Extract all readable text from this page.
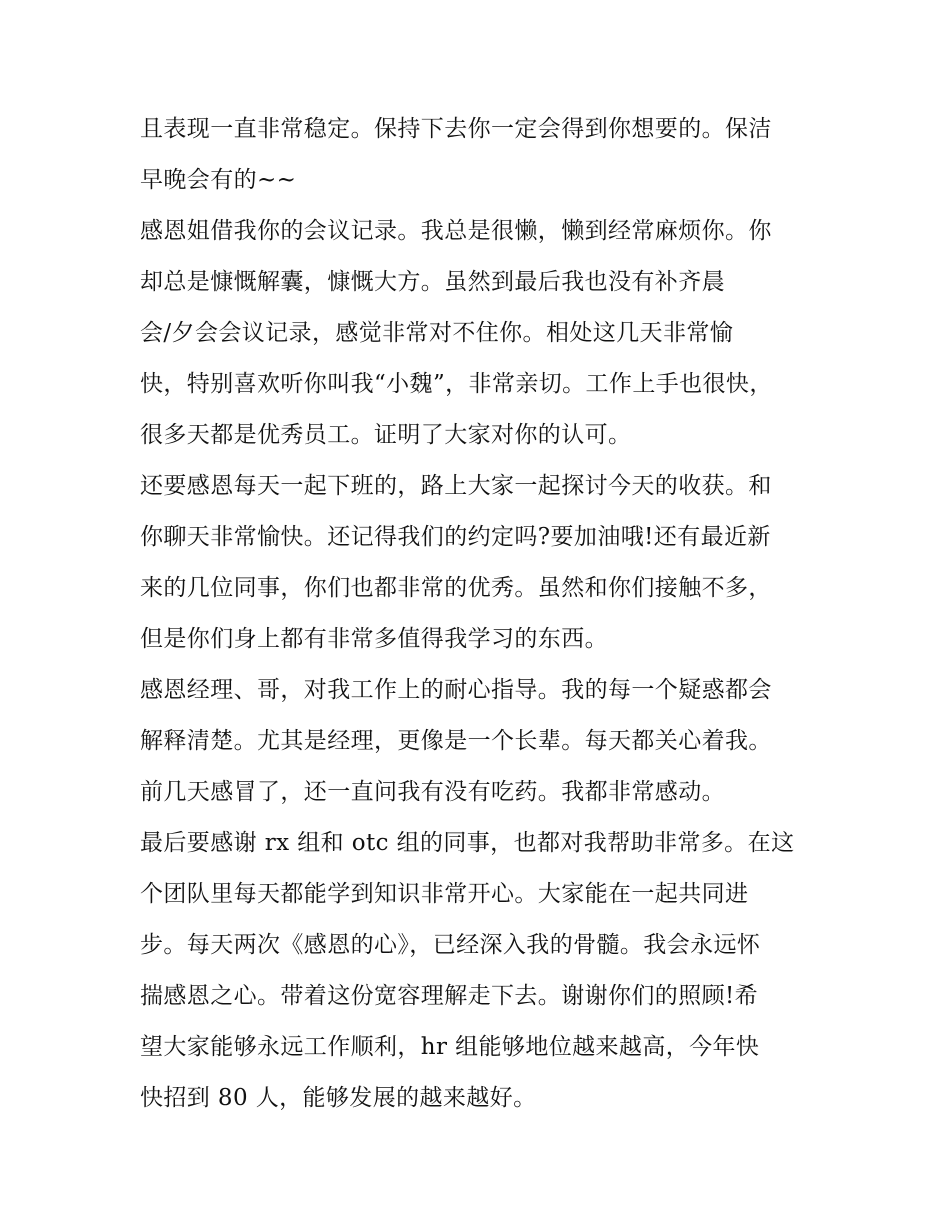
且表现一直非常稳定。保持下去你一定会得到你想要的。保洁
早晚会有的~~
感恩姐借我你的会议记录。我总是很懒，懒到经常麻烦你。你
却总是慷慨解囊，慷慨大方。虽然到最后我也没有补齐晨
会/夕会会议记录，感觉非常对不住你。相处这几天非常愉
快，特别喜欢听你叫我“小魏”，非常亲切。工作上手也很快，
很多天都是优秀员工。证明了大家对你的认可。
还要感恩每天一起下班的，路上大家一起探讨今天的收获。和
你聊天非常愉快。还记得我们的约定吗?要加油哦!还有最近新
来的几位同事，你们也都非常的优秀。虽然和你们接触不多，
但是你们身上都有非常多值得我学习的东西。
感恩经理、哥，对我工作上的耐心指导。我的每一个疑惑都会
解释清楚。尤其是经理，更像是一个长辈。每天都关心着我。
前几天感冒了，还一直问我有没有吃药。我都非常感动。
最后要感谢 rx 组和 otc 组的同事，也都对我帮助非常多。在这
个团队里每天都能学到知识非常开心。大家能在一起共同进
步。每天两次《感恩的心》，已经深入我的骨髓。我会永远怀
揣感恩之心。带着这份宽容理解走下去。谢谢你们的照顾!希
望大家能够永远工作顺利，hr 组能够地位越来越高，今年快
快招到 80 人，能够发展的越来越好。
